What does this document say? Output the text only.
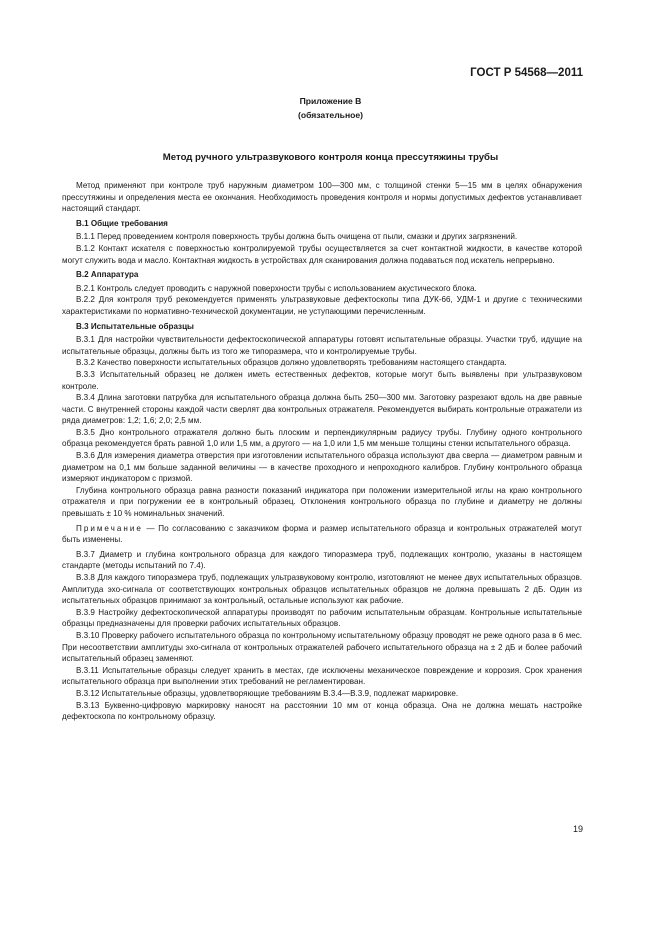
ГОСТ Р 54568—2011
Приложение В
(обязательное)
Метод ручного ультразвукового контроля конца прессутяжины трубы

Метод применяют при контроле труб наружным диаметром 100—300 мм, с толщиной стенки 5—15 мм в целях обнаружения прессутяжины и определения места ее окончания. Необходимость проведения контроля и нормы допустимых дефектов устанавливает настоящий стандарт.

В.1 Общие требования

В.1.1 Перед проведением контроля поверхность трубы должна быть очищена от пыли, смазки и других загрязнений.

В.1.2 Контакт искателя с поверхностью контролируемой трубы осуществляется за счет контактной жидкости, в качестве которой могут служить вода и масло. Контактная жидкость в устройствах для сканирования должна подаваться под искатель непрерывно.

В.2 Аппаратура

В.2.1 Контроль следует проводить с наружной поверхности трубы с использованием акустического блока.

В.2.2 Для контроля труб рекомендуется применять ультразвуковые дефектоскопы типа ДУК-66, УДМ-1 и другие с техническими характеристиками по нормативно-технической документации, не уступающими перечисленным.

В.3 Испытательные образцы

В.3.1 Для настройки чувствительности дефектоскопической аппаратуры готовят испытательные образцы. Участки труб, идущие на испытательные образцы, должны быть из того же типоразмера, что и контролируемые трубы.

В.3.2 Качество поверхности испытательных образцов должно удовлетворять требованиям настоящего стандарта.

В.3.3 Испытательный образец не должен иметь естественных дефектов, которые могут быть выявлены при ультразвуковом контроле.

В.3.4 Длина заготовки патрубка для испытательного образца должна быть 250—300 мм. Заготовку разрезают вдоль на две равные части. С внутренней стороны каждой части сверлят два контрольных отражателя. Рекомендуется выбирать контрольные отражатели из ряда диаметров: 1,2; 1,6; 2,0; 2,5 мм.

В.3.5 Дно контрольного отражателя должно быть плоским и перпендикулярным радиусу трубы. Глубину одного контрольного образца рекомендуется брать равной 1,0 или 1,5 мм, а другого — на 1,0 или 1,5 мм меньше толщины стенки испытательного образца.

В.3.6 Для измерения диаметра отверстия при изготовлении испытательного образца используют два сверла — диаметром равным и диаметром на 0,1 мм больше заданной величины — в качестве проходного и непроходного калибров. Глубину контрольного образца измеряют индикатором с призмой.

Глубина контрольного образца равна разности показаний индикатора при положении измерительной иглы на краю контрольного отражателя и при погружении ее в контрольный образец. Отклонения контрольного образца по глубине и диаметру не должны превышать ± 10 % номинальных значений.

Примечание — По согласованию с заказчиком форма и размер испытательного образца и контрольных отражателей могут быть изменены.

В.3.7 Диаметр и глубина контрольного образца для каждого типоразмера труб, подлежащих контролю, указаны в настоящем стандарте (методы испытаний по 7.4).

В.3.8 Для каждого типоразмера труб, подлежащих ультразвуковому контролю, изготовляют не менее двух испытательных образцов. Амплитуда эхо-сигнала от соответствующих контрольных образцов испытательных образцов не должна превышать 2 дБ. Один из испытательных образцов принимают за контрольный, остальные используют как рабочие.

В.3.9 Настройку дефектоскопической аппаратуры производят по рабочим испытательным образцам. Контрольные испытательные образцы предназначены для проверки рабочих испытательных образцов.

В.3.10 Проверку рабочего испытательного образца по контрольному испытательному образцу проводят не реже одного раза в 6 мес. При несоответствии амплитуды эхо-сигнала от контрольных отражателей рабочего испытательного образца на ± 2 дБ и более рабочий испытательный образец заменяют.

В.3.11 Испытательные образцы следует хранить в местах, где исключены механическое повреждение и коррозия. Срок хранения испытательного образца при выполнении этих требований не регламентирован.

В.3.12 Испытательные образцы, удовлетворяющие требованиям В.3.4—В.3.9, подлежат маркировке.

В.3.13 Буквенно-цифровую маркировку наносят на расстоянии 10 мм от конца образца. Она не должна мешать настройке дефектоскопа по контрольному образцу.

19
